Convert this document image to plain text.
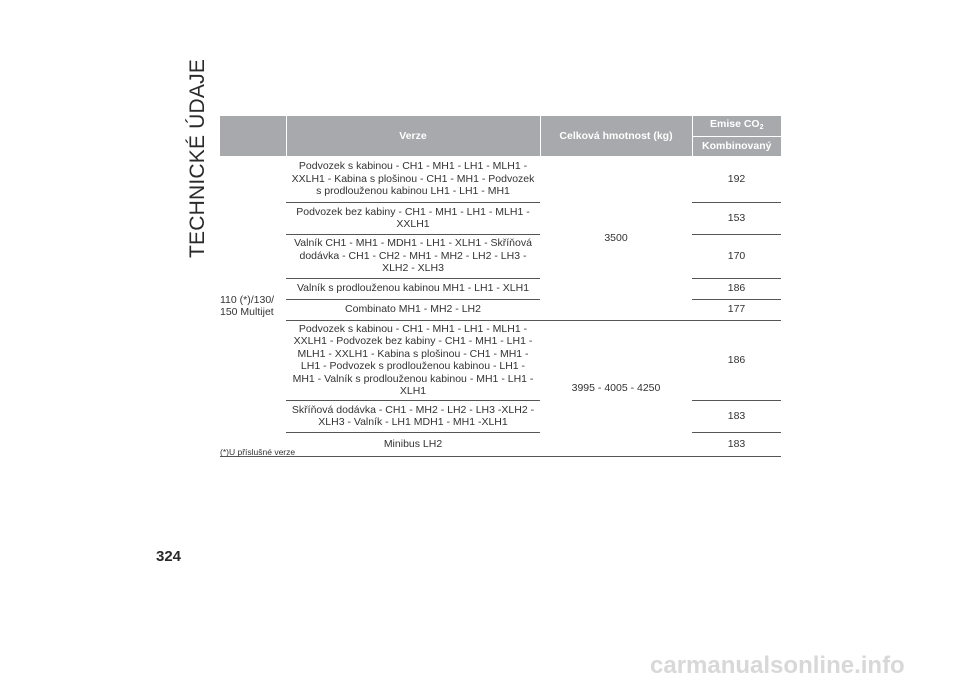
TECHNICKÉ ÚDAJE
		Verze	Celková hmotnost (kg)	Emise $CO_2$
			Kombinovaný
110 (*)/130/ 150 Multijet	Podvozek s kabinou - CH1 - MH1 - LH1 - MLH1 - XXLH1 - Kabina s plošinou - CH1 - MH1 - Podvozek s prodlouženou kabinou LH1 - LH1 - MH1	3500	192
	Podvozek bez kabiny - CH1 - MH1 - LH1 - MLH1 - XXLH1		153
	Valník CH1 - MH1 - MDH1 - LH1 - XLH1 - Skříňová dodávka - CH1 - CH2 - MH1 - MH2 - LH2 - LH3 - XLH2 - XLH3		170
	Valník s prodlouženou kabinou MH1 - LH1 - XLH1		186
	Combinato MH1 - MH2 - LH2		177
	Podvozek s kabinou - CH1 - MH1 - LH1 - MLH1 - XXLH1 - Podvozek bez kabiny - CH1 - MH1 - LH1 - MLH1 - XXLH1 - Kabina s plošinou - CH1 - MH1 - LH1 - Podvozek s prodlouženou kabinou - LH1 - MH1 - Valník s prodlouženou kabinou - MH1 - LH1 - XLH1	3995 - 4005 - 4250	186
	Skříňová dodávka - CH1 - MH2 - LH2 - LH3 -XLH2 - XLH3 - Valník - LH1 MDH1 - MH1 -XLH1		183
	Minibus LH2		183

(*)U příslušné verze
324
carmanualsonline.info
